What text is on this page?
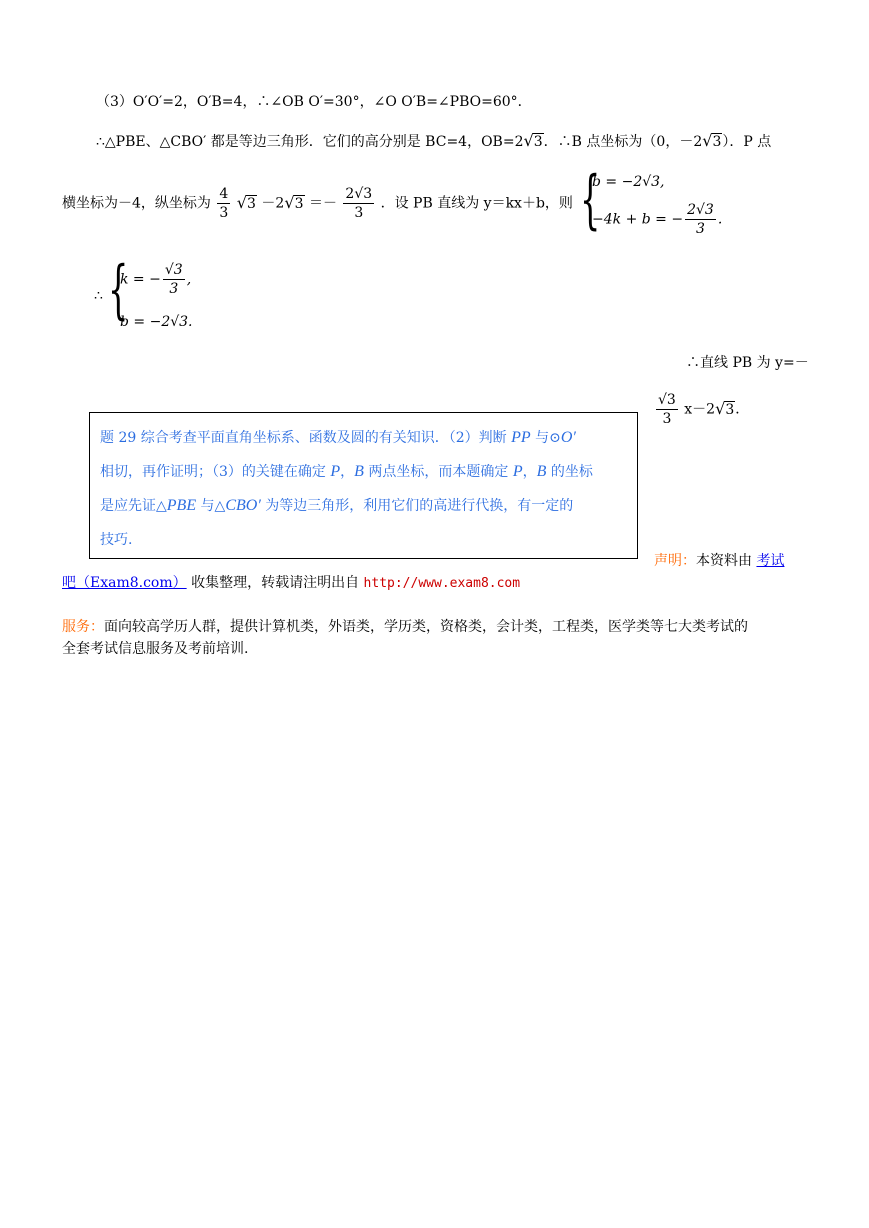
（3）O′O′=2，O′B=4，∴∠OB O′=30°，∠O O′B=∠PBO=60°．
∴△PBE、△CBO′ 都是等边三角形．它们的高分别是 BC=4，OB=2√3．∴B 点坐标为（0，－2√3）．P 点
横坐标为－4，纵坐标为 $\frac{4}{3} √3 -2√3 =- \frac{2√3}{3}$ ．设 PB 直线为 y＝kx＋b，则 {
b = −2√3,
−4k + b = − $\frac{2√3}{3}$ .
∴ {
k = − $\frac{√3}{3}$ ,
b = −2√3.
∴直线 PB 为 y=－
$\frac{√3}{3} x-2√3$．
题 29 综合考查平面直角坐标系、函数及圆的有关知识．（2）判断 PP 与⊙O′
相切，再作证明；（3）的关键在确定 P，B 两点坐标，而本题确定 P，B 的坐标
是应先证△PBE 与△CBO′ 为等边三角形，利用它们的高进行代换，有一定的
技巧.
声明：本资料由 考试
吧（Exam8.com） 收集整理，转载请注明出自 http://www.exam8.com
服务：面向较高学历人群，提供计算机类，外语类，学历类，资格类，会计类，工程类，医学类等七大类考试的
全套考试信息服务及考前培训.
